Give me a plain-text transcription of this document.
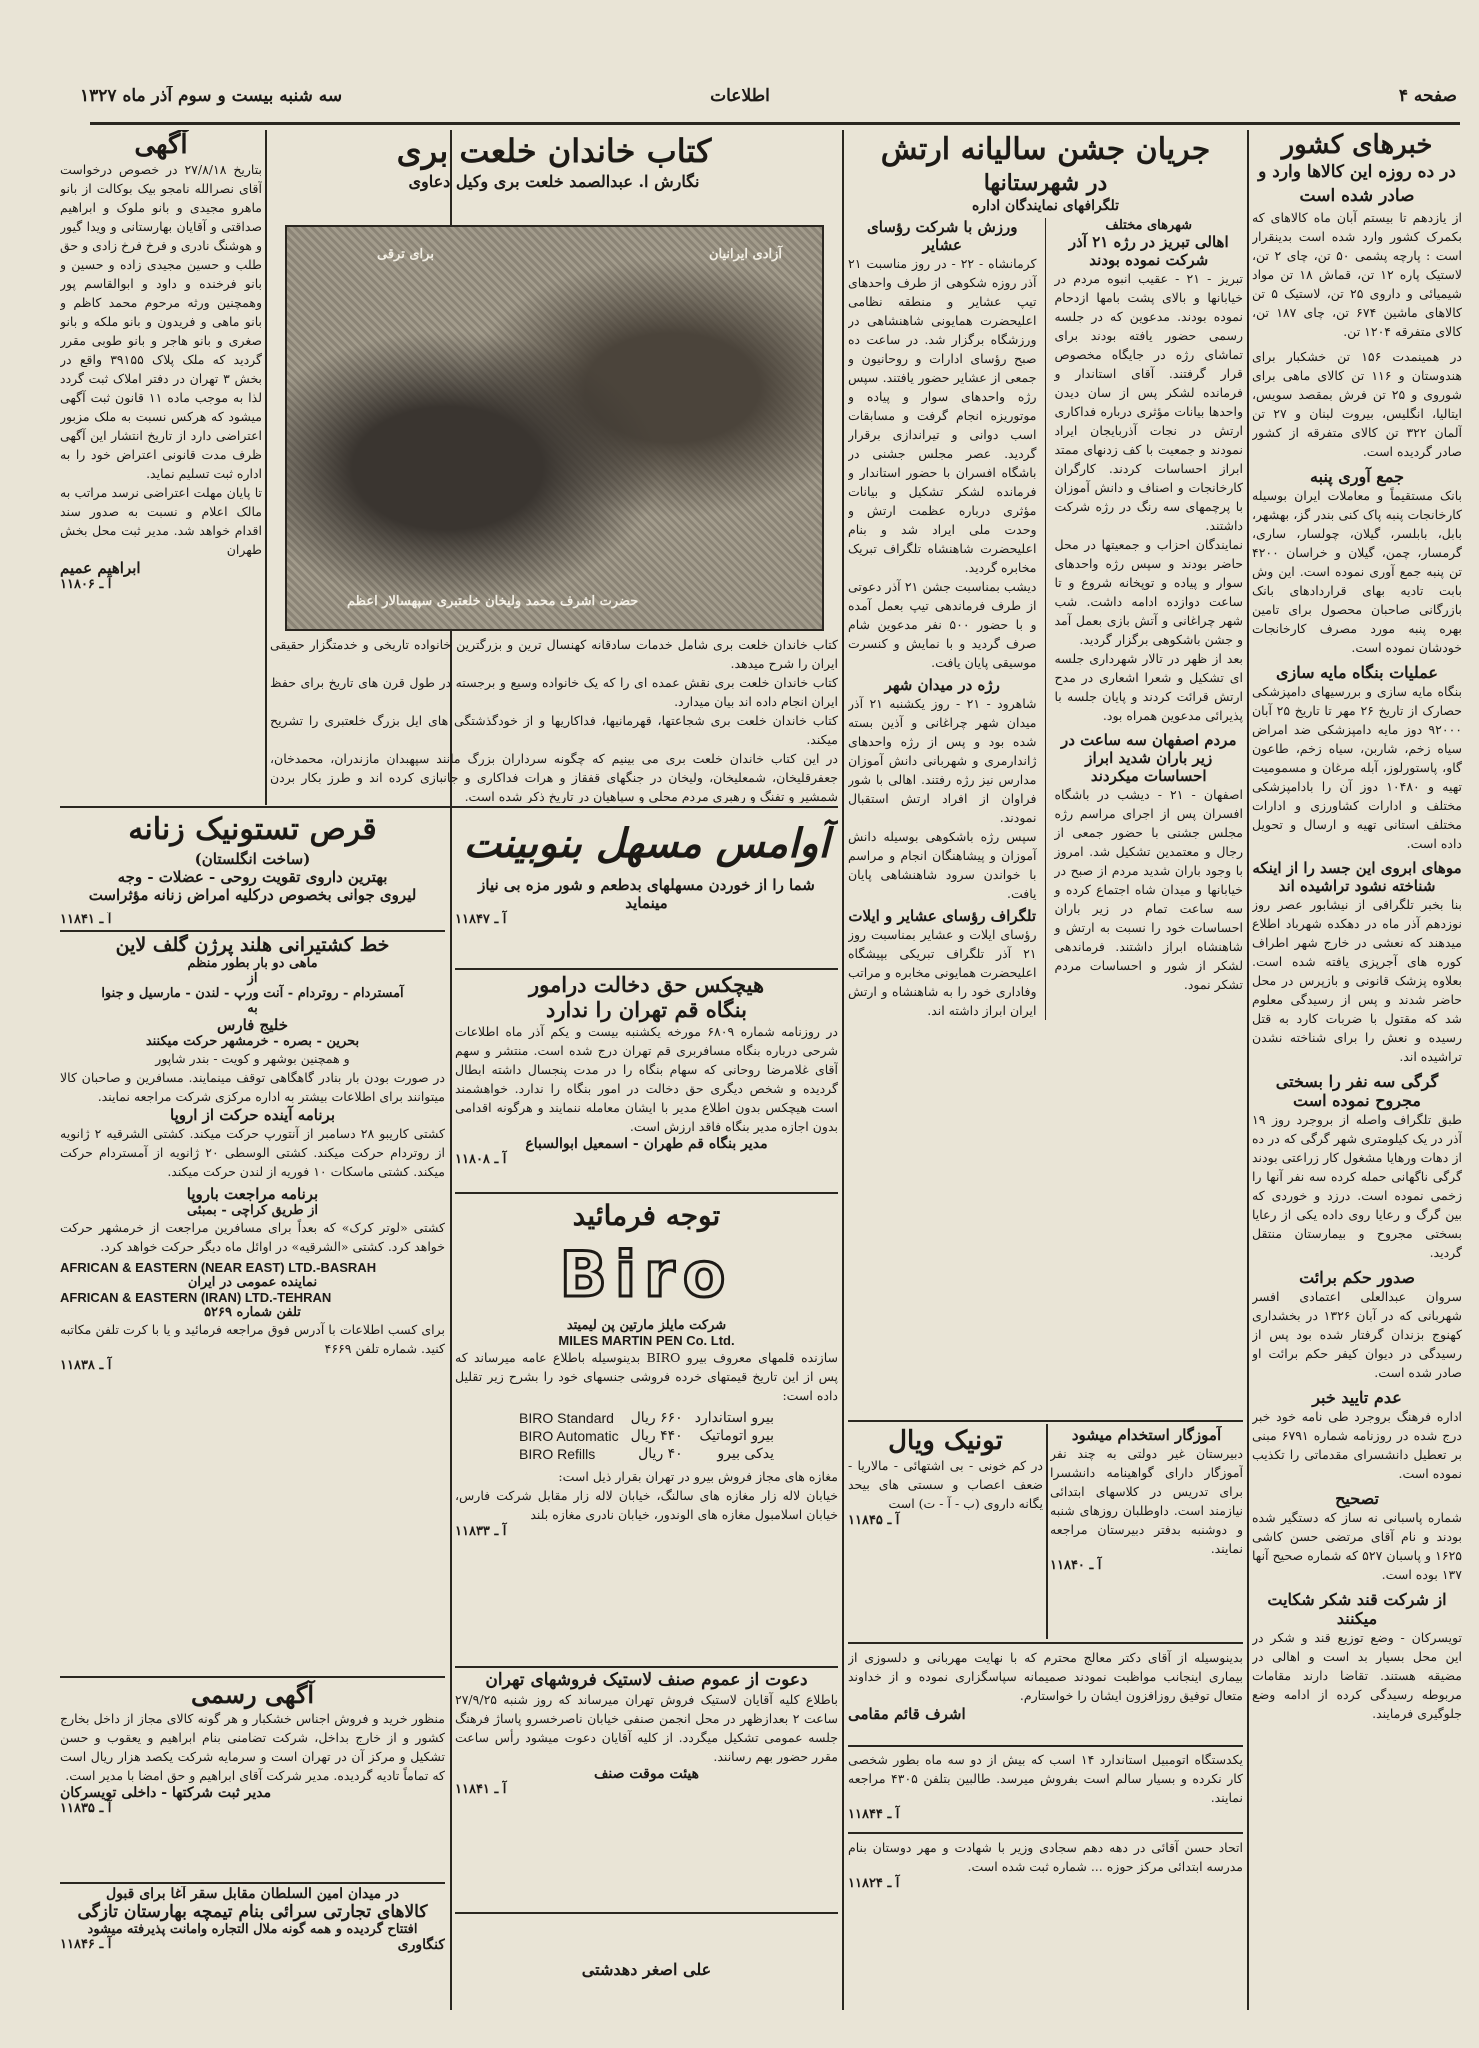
صفحه ۴
اطلاعات
سه شنبه بیست و سوم آذر ماه ۱۳۲۷
خبرهای کشور
در ده روزه این کالاها وارد و صادر شده است
از یازدهم تا بیستم آبان ماه کالاهای که بکمرک کشور وارد شده است بدینقرار است : پارچه پشمی ۵۰ تن، چای ۲ تن، لاستیک پاره ۱۲ تن، قماش ۱۸ تن مواد شیمیائی و داروی ۲۵ تن، لاستیک ۵ تن کالاهای ماشین ۶۷۴ تن، چای ۱۸۷ تن، کالای متفرقه ۱۲۰۴ تن.
در همینمدت ۱۵۶ تن خشکبار برای هندوستان و ۱۱۶ تن کالای ماهی برای شوروی و ۲۵ تن فرش بمقصد سویس، ایتالیا، انگلیس، بیروت لبنان و ۲۷ تن آلمان ۳۲۲ تن کالای متفرقه از کشور صادر گردیده است.
جمع آوری پنبه
بانک مستقیماً و معاملات ایران بوسیله کارخانجات پنبه پاک کنی بندر گز، بهشهر، بابل، بابلسر، گیلان، چولسار، ساری، گرمسار، چمن، گیلان و خراسان ۴۲۰۰ تن پنبه جمع آوری نموده است. این وش بابت تادیه بهای قراردادهای بانک بازرگانی صاحبان محصول برای تامین بهره پنبه مورد مصرف کارخانجات خودشان نموده است.
عملیات بنگاه مایه سازی
بنگاه مایه سازی و بررسیهای دامپزشکی حصارک از تاریخ ۲۶ مهر تا تاریخ ۲۵ آبان ۹۲۰۰۰ دوز مایه دامپزشکی ضد امراض سیاه زخم، شاربن، سیاه زخم، طاعون گاو، پاستورلوز، آبله مرغان و مسمومیت تهیه و ۱۰۴۸۰ دوز آن را بادامپزشکی مختلف و ادارات کشاورزی و ادارات مختلف استانی تهیه و ارسال و تحویل داده است.
موهای ابروی این جسد را از اینکه شناخته نشود تراشیده اند
بنا بخبر تلگرافی از نیشابور عصر روز نوزدهم آذر ماه در دهکده شهرباد اطلاع میدهند که نعشی در خارج شهر اطراف کوره های آجرپزی یافته شده است. بعلاوه پزشک قانونی و بازپرس در محل حاضر شدند و پس از رسیدگی معلوم شد که مقتول با ضربات کارد به قتل رسیده و نعش را برای شناخته نشدن تراشیده اند.
گرگی سه نفر را بسختی مجروح نموده است
طبق تلگراف واصله از بروجرد روز ۱۹ آذر در یک کیلومتری شهر گرگی که در ده از دهات ورهایا مشغول کار زراعتی بودند گرگی ناگهانی حمله کرده سه نفر آنها را زخمی نموده است. درزد و خوردی که بین گرگ و رعایا روی داده یکی از رعایا بسختی مجروح و بیمارستان منتقل گردید.
صدور حکم برائت
سروان عبدالعلی اعتمادی افسر شهربانی که در آبان ۱۳۲۶ در بخشداری کهنوج بزندان گرفتار شده بود پس از رسیدگی در دیوان کیفر حکم برائت او صادر شده است.
عدم تایید خبر
اداره فرهنگ بروجرد طی نامه خود خبر درج شده در روزنامه شماره ۶۷۹۱ مبنی بر تعطیل دانشسرای مقدماتی را تکذیب نموده است.
تصحیح
شماره پاسبانی نه ساز که دستگیر شده بودند و نام آقای مرتضی حسن کاشی ۱۶۲۵ و پاسبان ۵۲۷ که شماره صحیح آنها ۱۳۷ بوده است.
از شرکت قند شکر شکایت میکنند
تویسرکان - وضع توزیع قند و شکر در این محل بسیار بد است و اهالی در مضیقه هستند. تقاضا دارند مقامات مربوطه رسیدگی کرده از ادامه وضع جلوگیری فرمایند.
جریان جشن سالیانه ارتش
در شهرستانها
تلگرافهای نمایندگان اداره
شهرهای مختلف
اهالی تبریز در رژه ۲۱ آذر شرکت نموده بودند
تبریز - ۲۱ - عقیب انبوه مردم در خیابانها و بالای پشت بامها ازدحام نموده بودند. مدعوین که در جلسه رسمی حضور یافته بودند برای تماشای رژه در جایگاه مخصوص قرار گرفتند. آقای استاندار و فرمانده لشکر پس از سان دیدن واحدها بیانات مؤثری درباره فداکاری ارتش در نجات آذربایجان ایراد نمودند و جمعیت با کف زدنهای ممتد ابراز احساسات کردند. کارگران کارخانجات و اصناف و دانش آموزان با پرچمهای سه رنگ در رژه شرکت داشتند.
نمایندگان احزاب و جمعیتها در محل حاضر بودند و سپس رژه واحدهای سوار و پیاده و توپخانه شروع و تا ساعت دوازده ادامه داشت. شب شهر چراغانی و آتش بازی بعمل آمد و جشن باشکوهی برگزار گردید.
بعد از ظهر در تالار شهرداری جلسه ای تشکیل و شعرا اشعاری در مدح ارتش قرائت کردند و پایان جلسه با پذیرائی مدعوین همراه بود.
مردم اصفهان سه ساعت در زیر باران شدید ابراز احساسات میکردند
اصفهان - ۲۱ - دیشب در باشگاه افسران پس از اجرای مراسم رژه مجلس جشنی با حضور جمعی از رجال و معتمدین تشکیل شد. امروز با وجود باران شدید مردم از صبح در خیابانها و میدان شاه اجتماع کرده و سه ساعت تمام در زیر باران احساسات خود را نسبت به ارتش و شاهنشاه ابراز داشتند. فرماندهی لشکر از شور و احساسات مردم تشکر نمود.
ورزش با شرکت رؤسای عشایر
کرمانشاه - ۲۲ - در روز مناسبت ۲۱ آذر روزه شکوهی از طرف واحدهای تیپ عشایر و منطقه نظامی اعلیحضرت همایونی شاهنشاهی در ورزشگاه برگزار شد. در ساعت ده صبح رؤسای ادارات و روحانیون و جمعی از عشایر حضور یافتند. سپس رژه واحدهای سوار و پیاده و موتوریزه انجام گرفت و مسابقات اسب دوانی و تیراندازی برقرار گردید. عصر مجلس جشنی در باشگاه افسران با حضور استاندار و فرمانده لشکر تشکیل و بیانات مؤثری درباره عظمت ارتش و وحدت ملی ایراد شد و بنام اعلیحضرت شاهنشاه تلگراف تبریک مخابره گردید.
دیشب بمناسبت جشن ۲۱ آذر دعوتی از طرف فرماندهی تیپ بعمل آمده و با حضور ۵۰۰ نفر مدعوین شام صرف گردید و با نمایش و کنسرت موسیقی پایان یافت.
رژه در میدان شهر
شاهرود - ۲۱ - روز یکشنبه ۲۱ آذر میدان شهر چراغانی و آذین بسته شده بود و پس از رژه واحدهای ژاندارمری و شهربانی دانش آموزان مدارس نیز رژه رفتند. اهالی با شور فراوان از افراد ارتش استقبال نمودند.
سپس رژه باشکوهی بوسیله دانش آموزان و پیشاهنگان انجام و مراسم با خواندن سرود شاهنشاهی پایان یافت.
تلگراف رؤسای عشایر و ایلات
رؤسای ایلات و عشایر بمناسبت روز ۲۱ آذر تلگراف تبریکی بپیشگاه اعلیحضرت همایونی مخابره و مراتب وفاداری خود را به شاهنشاه و ارتش ایران ابراز داشته اند.
تونیک ویال
در کم خونی - بی اشتهائی - مالاریا - ضعف اعصاب و سستی های بیحد یگانه داروی (ب - آ - ت) است
آ ـ ۱۱۸۴۵
آموزگار استخدام میشود
دبیرستان غیر دولتی به چند نفر آموزگار دارای گواهینامه دانشسرا برای تدریس در کلاسهای ابتدائی نیازمند است. داوطلبان روزهای شنبه و دوشنبه بدفتر دبیرستان مراجعه نمایند.
آ ـ ۱۱۸۴۰
بدینوسیله از آقای دکتر معالج محترم که با نهایت مهربانی و دلسوزی از بیماری اینجانب مواظبت نمودند صمیمانه سپاسگزاری نموده و از خداوند متعال توفیق روزافزون ایشان را خواستارم.
اشرف قائم مقامی
یکدستگاه اتومبیل استاندارد ۱۴ اسب که بیش از دو سه ماه بطور شخصی کار نکرده و بسیار سالم است بفروش میرسد. طالبین بتلفن ۴۳۰۵ مراجعه نمایند.
آ ـ ۱۱۸۴۴
اتحاد حسن آقائی در دهه دهم سجادی وزیر با شهادت و مهر دوستان بنام مدرسه ابتدائی مرکز حوزه ... شماره ثبت شده است.
آ ـ ۱۱۸۲۴
کتاب خاندان خلعت بری
نگارش ا. عبدالصمد خلعت بری وکیل دعاوی
آزادی ایرانیان
برای ترقی
حضرت اشرف محمد ولیخان خلعتبری سپهسالار اعظم
کتاب خاندان خلعت بری شامل خدمات سادقانه کهنسال ترین و بزرگترین خانواده تاریخی و خدمتگزار حقیقی ایران را شرح میدهد.
کتاب خاندان خلعت بری نقش عمده ای را که یک خانواده وسیع و برجسته در طول قرن های تاریخ برای حفظ ایران انجام داده اند بیان میدارد.
کتاب خاندان خلعت بری شجاعتها، قهرمانیها، فداکاریها و از خودگذشتگی های ایل بزرگ خلعتبری را تشریح میکند.
در این کتاب خاندان خلعت بری می بینیم که چگونه سرداران بزرگ مانند سپهبدان مازندران، محمدخان، جعفرقلیخان، شمعلیخان، ولیخان در جنگهای قفقاز و هرات فداکاری و جانبازی کرده اند و طرز بکار بردن شمشیر و تفنگ و رهبری مردم محلی و سپاهیان در تاریخ ذکر شده است.
آگهی
بتاریخ ۲۷/۸/۱۸ در خصوص درخواست آقای نصرالله نامجو بیک بوکالت از بانو ماهرو مجیدی و بانو ملوک و ابراهیم صداقتی و آقایان بهارستانی و ویدا گیور و هوشنگ نادری و فرخ فرخ زادی و حق طلب و حسین مجیدی زاده و حسین و بانو فرخنده و داود و ابوالقاسم پور وهمچنین ورثه مرحوم محمد کاظم و بانو ماهی و فریدون و بانو ملکه و بانو صغری و بانو هاجر و بانو طوبی مقرر گردید که ملک پلاک ۳۹۱۵۵ واقع در بخش ۳ تهران در دفتر املاک ثبت گردد لذا به موجب ماده ۱۱ قانون ثبت آگهی میشود که هرکس نسبت به ملک مزبور اعتراضی دارد از تاریخ انتشار این آگهی ظرف مدت قانونی اعتراض خود را به اداره ثبت تسلیم نماید.
تا پایان مهلت اعتراضی نرسد مراتب به مالک اعلام و نسبت به صدور سند اقدام خواهد شد. مدیر ثبت محل بخش طهران
ابراهیم عمیم
آ ـ ۱۱۸۰۶
قرص تستونیک زنانه
(ساخت انگلستان)
بهترین داروی تقویت روحی - عضلات - وجه
لیروی جوانی بخصوص درکلیه امراض زنانه مؤثراست
آ ـ ۱۱۸۴۱
خط کشتیرانی هلند پرژن گلف لاین
ماهی دو بار بطور منظم
از
آمستردام - روتردام - آنت ورپ - لندن - مارسیل و جنوا
به
خلیج فارس
بحرین - بصره - خرمشهر حرکت میکنند
و همچنین بوشهر و کویت - بندر شاپور
در صورت بودن بار بنادر گاهگاهی توقف مینمایند. مسافرین و صاحبان کالا میتوانند برای اطلاعات بیشتر به اداره مرکزی شرکت مراجعه نمایند.
برنامه آینده حرکت از اروپا
کشتی کاریبو ۲۸ دسامبر از آنتورپ حرکت میکند. کشتی الشرقیه ۲ ژانویه از روتردام حرکت میکند. کشتی الوسطی ۲۰ ژانویه از آمستردام حرکت میکند. کشتی ماسکات ۱۰ فوریه از لندن حرکت میکند.
برنامه مراجعت باروپا
از طریق کراچی - بمبئی
کشتی «لوتر کرک» که بعداً برای مسافرین مراجعت از خرمشهر حرکت خواهد کرد. کشتی «الشرقیه» در اوائل ماه دیگر حرکت خواهد کرد.
AFRICAN & EASTERN (NEAR EAST) LTD.-BASRAH
نماینده عمومی در ایران
AFRICAN & EASTERN (IRAN) LTD.-TEHRAN
تلفن شماره ۵۲۶۹
برای کسب اطلاعات با آدرس فوق مراجعه فرمائید و یا با کرت تلفن مکاتبه کنید. شماره تلفن ۴۶۶۹
آ ـ ۱۱۸۳۸
آگهی رسمی
منظور خرید و فروش اجناس خشکبار و هر گونه کالای مجاز از داخل بخارج کشور و از خارج بداخل، شرکت تضامنی بنام ابراهیم و یعقوب و حسن تشکیل و مرکز آن در تهران است و سرمایه شرکت یکصد هزار ریال است که تماماً تادیه گردیده. مدیر شرکت آقای ابراهیم و حق امضا با مدیر است.
مدیر ثبت شرکتها - داخلی تویسرکان
آ ـ ۱۱۸۳۵
در میدان امین السلطان مقابل سقر آغا برای قبول
کالاهای تجارتی سرائی بنام تیمچه بهارستان تازگی
افتتاح گردیده و همه گونه ملال التجاره وامانت پذیرفته میشود
آ ـ ۱۱۸۴۶	کنگاوری
آوامس مسهل بنوبینت
شما را از خوردن مسهلهای بدطعم و شور مزه بی نیاز مینماید
آ ـ ۱۱۸۴۷
هیچکس حق دخالت درامور
بنگاه قم تهران را ندارد
در روزنامه شماره ۶۸۰۹ مورخه یکشنبه بیست و یکم آذر ماه اطلاعات شرحی درباره بنگاه مسافربری قم تهران درج شده است. منتشر و سهم آقای غلامرضا روحانی که سهام بنگاه را در مدت پنجسال داشته ابطال گردیده و شخص دیگری حق دخالت در امور بنگاه را ندارد. خواهشمند است هیچکس بدون اطلاع مدیر با ایشان معامله ننمایند و هرگونه اقدامی بدون اجازه مدیر بنگاه فاقد ارزش است.
مدیر بنگاه قم طهران - اسمعیل ابوالسباع
آ ـ ۱۱۸۰۸
توجه فرمائید
Biro
شرکت مایلز مارتین پن لیمیتد
MILES MARTIN PEN Co. Ltd.
سازنده قلمهای معروف بیرو BIRO بدینوسیله باطلاع عامه میرساند که پس از این تاریخ قیمتهای خرده فروشی جنسهای خود را بشرح زیر تقلیل داده است:
BIRO Standard	۶۶۰ ریال	بیرو استاندارد
BIRO Automatic	۴۴۰ ریال	بیرو اتوماتیک
BIRO Refills	۴۰ ریال	یدکی بیرو
مغازه های مجاز فروش بیرو در تهران بقرار ذیل است:
خیابان لاله زار مغازه های سالنگ، خیابان لاله زار مقابل شرکت فارس، خیابان اسلامبول مغازه های الوندور، خیابان نادری مغازه بلند
آ ـ ۱۱۸۳۳
دعوت از عموم صنف لاستیک فروشهای تهران
باطلاع کلیه آقایان لاستیک فروش تهران میرساند که روز شنبه ۲۷/۹/۲۵ ساعت ۲ بعدازظهر در محل انجمن صنفی خیابان ناصرخسرو پاساژ فرهنگ جلسه عمومی تشکیل میگردد. از کلیه آقایان دعوت میشود رأس ساعت مقرر حضور بهم رسانند.
هیئت موقت صنف
آ ـ ۱۱۸۴۱
علی اصغر دهدشتی
